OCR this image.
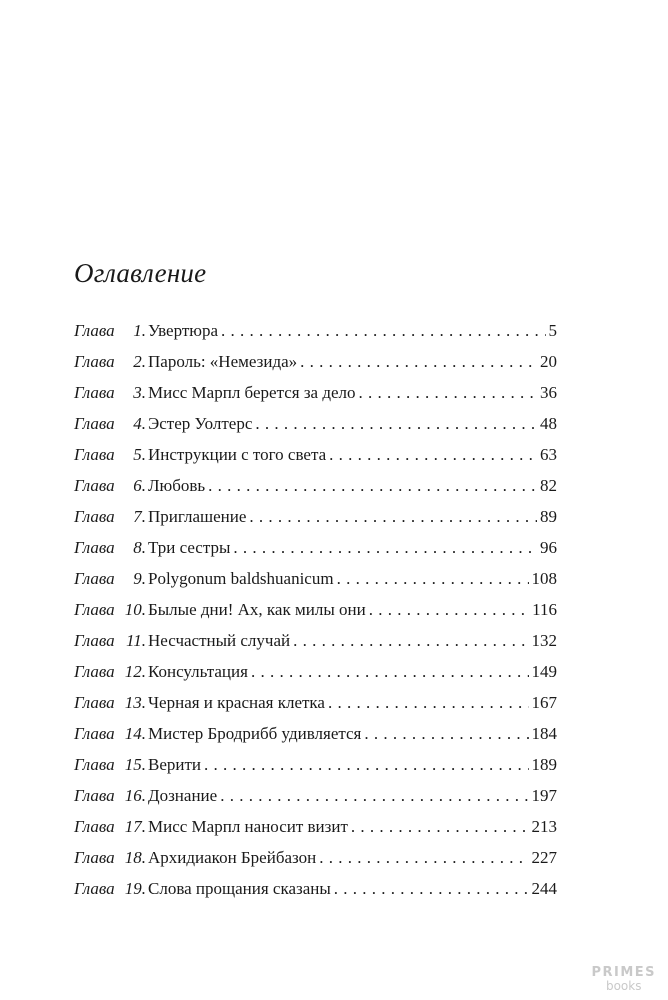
Оглавление
Глава	1. Увертюра . . .	5
Глава	2. Пароль: «Немезида» . . .	20
Глава	3. Мисс Марпл берется за дело . . .	36
Глава	4. Эстер Уолтерс . . .	48
Глава	5. Инструкции с того света . . .	63
Глава	6. Любовь . . .	82
Глава	7. Приглашение . . .	89
Глава	8. Три сестры . . .	96
Глава	9. Polygonum baldshuanicum . . .	108
Глава 10. Былые дни! Ах, как милы они . . .	116
Глава 11. Несчастный случай . . .	132
Глава 12. Консультация . . .	149
Глава 13. Черная и красная клетка . . .	167
Глава 14. Мистер Бродрибб удивляется . . .	184
Глава 15. Верити . . .	189
Глава 16. Дознание . . .	197
Глава 17. Мисс Марпл наносит визит . . .	213
Глава 18. Архидиакон Брейбазон . . .	227
Глава 19. Слова прощания сказаны . . .	244
PRIMES
books
